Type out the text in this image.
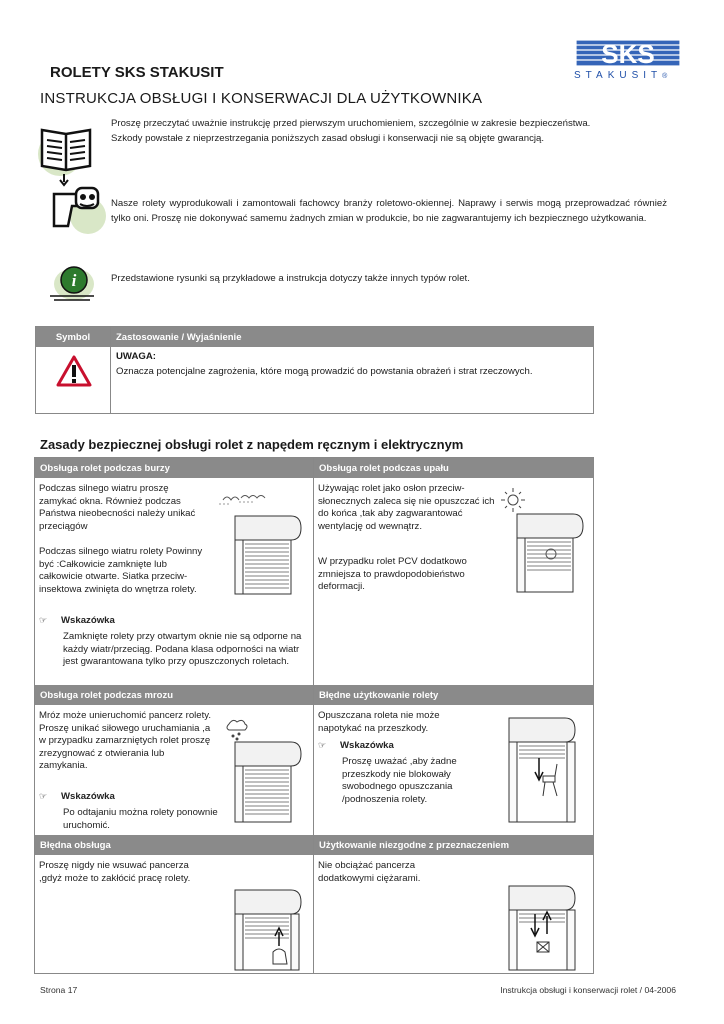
SKS
STAKUSIT®
ROLETY SKS STAKUSIT
INSTRUKCJA OBSŁUGI I KONSERWACJI DLA UŻYTKOWNIKA
i
Proszę przeczytać uważnie instrukcję przed pierwszym uruchomieniem, szczególnie w zakresie bezpieczeństwa.
Szkody powstałe z nieprzestrzegania poniższych zasad obsługi i konserwacji nie są objęte gwarancją.
Nasze rolety wyprodukowali i zamontowali fachowcy branży roletowo-okiennej. Naprawy i serwis mogą przeprowadzać również tylko oni. Proszę nie dokonywać samemu żadnych zmian w produkcie, bo nie zagwarantujemy ich bezpiecznego użytkowania.
Przedstawione rysunki są przykładowe a instrukcja dotyczy także innych typów rolet.
Symbol	Zastosowanie / Wyjaśnienie
UWAGA:
Oznacza potencjalne zagrożenia, które mogą prowadzić do powstania obrażeń i strat rzeczowych.
Zasady bezpiecznej obsługi rolet z napędem ręcznym i elektrycznym
Obsługa rolet podczas burzy	Obsługa rolet podczas upału
Podczas silnego wiatru proszę zamykać okna. Również podczas Państwa nieobecności należy unikać przeciągów
Podczas silnego wiatru rolety Powinny być :Całkowicie zamknięte lub całkowicie otwarte. Siatka przeciw-insektowa zwinięta do wnętrza rolety.
☞ Wskazówka
Zamknięte rolety przy otwartym oknie nie są odporne na każdy wiatr/przeciąg. Podana klasa odporności na wiatr jest gwarantowana tylko przy opuszczonych roletach.
Używając rolet jako osłon przeciw-słonecznych zaleca się nie opuszczać ich do końca ,tak aby zagwarantować wentylację od wewnątrz.
W przypadku rolet PCV dodatkowo zmniejsza to prawdopodobieństwo deformacji.
Obsługa rolet podczas mrozu	Błędne użytkowanie rolety
Mróz może unieruchomić pancerz rolety. Proszę unikać siłowego uruchamiania ,a w przypadku zamarzniętych rolet proszę zrezygnować z otwierania lub zamykania.
☞ Wskazówka
Po odtajaniu można rolety ponownie uruchomić.
Opuszczana roleta nie może napotykać na przeszkody.
☞ Wskazówka
Proszę uważać ,aby żadne przeszkody nie blokowały swobodnego opuszczania /podnoszenia rolety.
Błędna obsługa	Użytkowanie niezgodne z przeznaczeniem
Proszę nigdy nie wsuwać pancerza ,gdyż może to zakłócić pracę rolety.
Nie obciążać pancerza dodatkowymi ciężarami.
Strona 17	Instrukcja obsługi i konserwacji rolet / 04-2006
